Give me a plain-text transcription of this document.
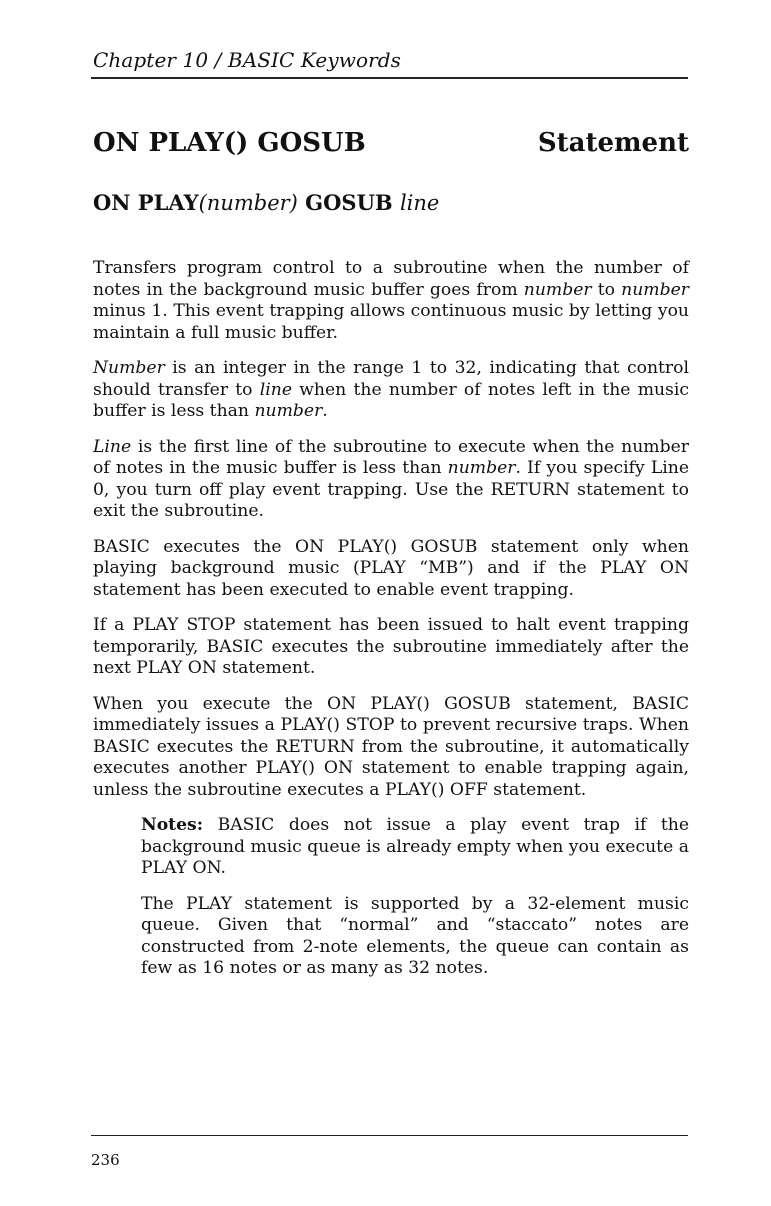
Chapter 10 / BASIC Keywords
ON PLAY() GOSUB	Statement
ON PLAY(number) GOSUB line

Transfers program control to a subroutine when the number of notes in the background music buffer goes from number to number minus 1. This event trapping allows continuous music by letting you maintain a full music buffer.

Number is an integer in the range 1 to 32, indicating that control should transfer to line when the number of notes left in the music buffer is less than number.

Line is the first line of the subroutine to execute when the number of notes in the music buffer is less than number. If you specify Line 0, you turn off play event trapping. Use the RETURN statement to exit the subroutine.

BASIC executes the ON PLAY() GOSUB statement only when playing background music (PLAY “MB”) and if the PLAY ON statement has been executed to enable event trapping.

If a PLAY STOP statement has been issued to halt event trapping temporarily, BASIC executes the subroutine immediately after the next PLAY ON statement.

When you execute the ON PLAY() GOSUB statement, BASIC immediately issues a PLAY() STOP to prevent recursive traps. When BASIC executes the RETURN from the subroutine, it automatically executes another PLAY() ON statement to enable trapping again, unless the subroutine executes a PLAY() OFF statement.

Notes: BASIC does not issue a play event trap if the background music queue is already empty when you execute a PLAY ON.

The PLAY statement is supported by a 32-element music queue. Given that “normal” and “staccato” notes are constructed from 2-note elements, the queue can contain as few as 16 notes or as many as 32 notes.

236
